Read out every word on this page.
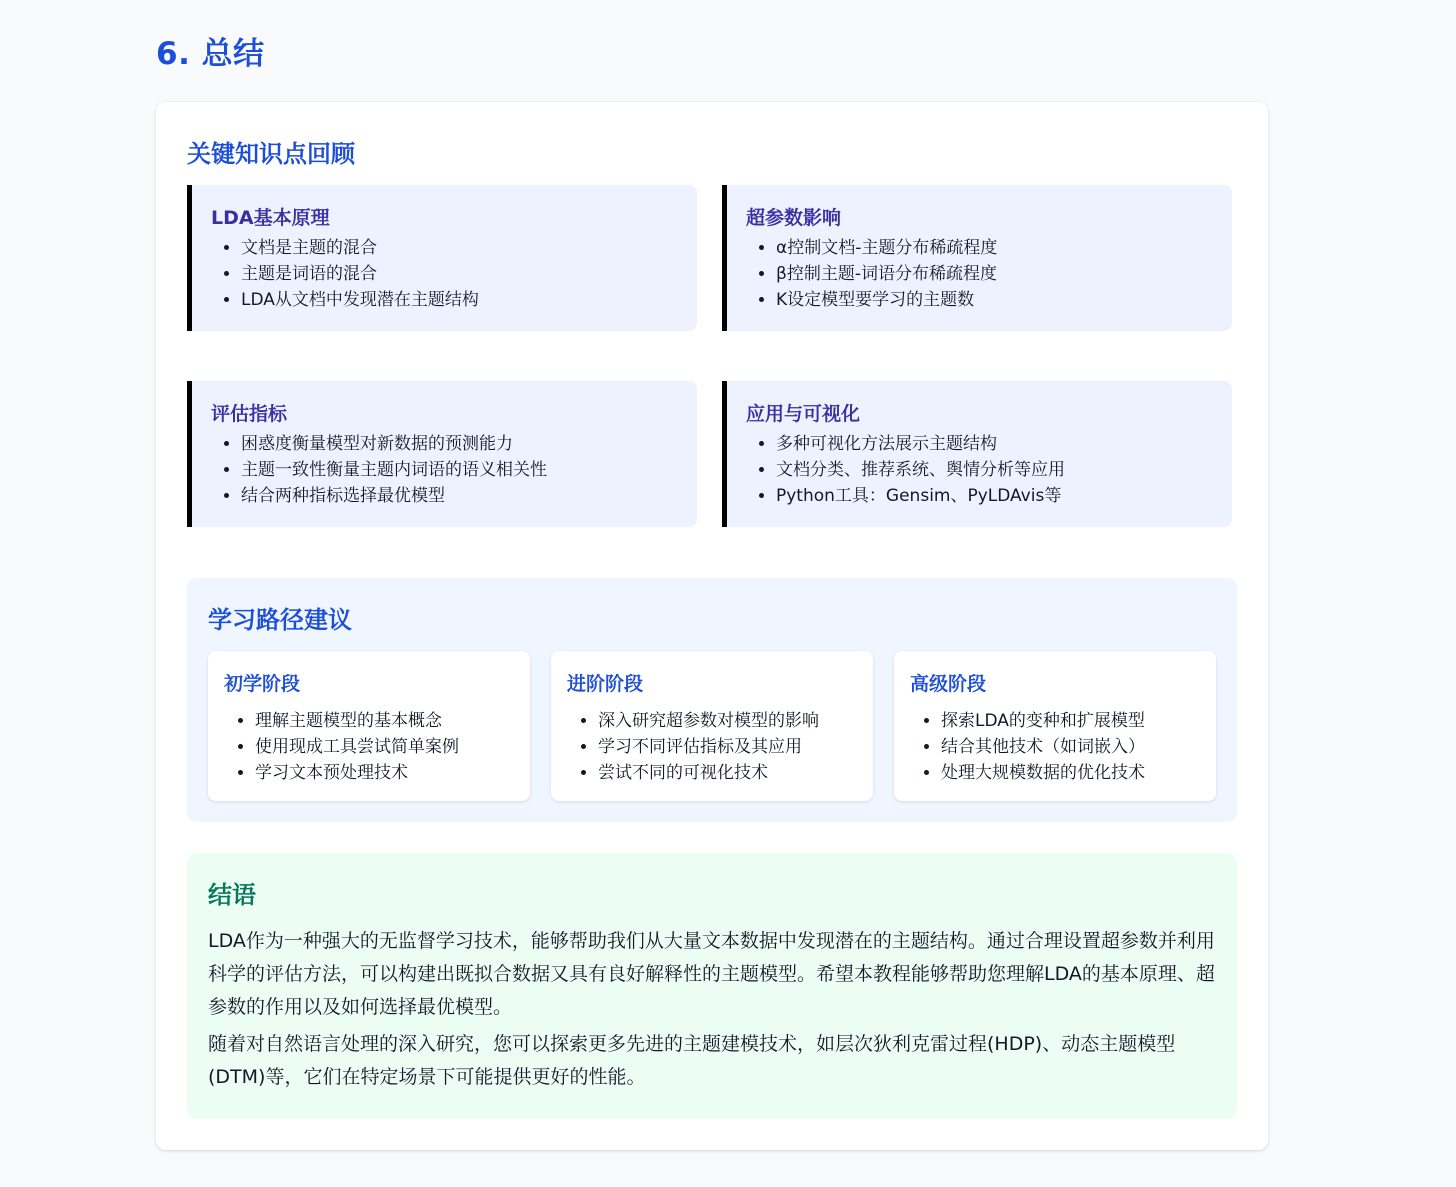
6. 总结
关键知识点回顾
LDA基本原理
• 文档是主题的混合
• 主题是词语的混合
• LDA从文档中发现潜在主题结构
超参数影响
• α控制文档-主题分布稀疏程度
• β控制主题-词语分布稀疏程度
• K设定模型要学习的主题数
评估指标
• 困惑度衡量模型对新数据的预测能力
• 主题一致性衡量主题内词语的语义相关性
• 结合两种指标选择最优模型
应用与可视化
• 多种可视化方法展示主题结构
• 文档分类、推荐系统、舆情分析等应用
• Python工具：Gensim、PyLDAvis等
学习路径建议
初学阶段
• 理解主题模型的基本概念
• 使用现成工具尝试简单案例
• 学习文本预处理技术
进阶阶段
• 深入研究超参数对模型的影响
• 学习不同评估指标及其应用
• 尝试不同的可视化技术
高级阶段
• 探索LDA的变种和扩展模型
• 结合其他技术（如词嵌入）
• 处理大规模数据的优化技术
结语

LDA作为一种强大的无监督学习技术，能够帮助我们从大量文本数据中发现潜在的主题结构。通过合理设置超参数并利用科学的评估方法，可以构建出既拟合数据又具有良好解释性的主题模型。希望本教程能够帮助您理解LDA的基本原理、超参数的作用以及如何选择最优模型。

随着对自然语言处理的深入研究，您可以探索更多先进的主题建模技术，如层次狄利克雷过程(HDP)、动态主题模型(DTM)等，它们在特定场景下可能提供更好的性能。
